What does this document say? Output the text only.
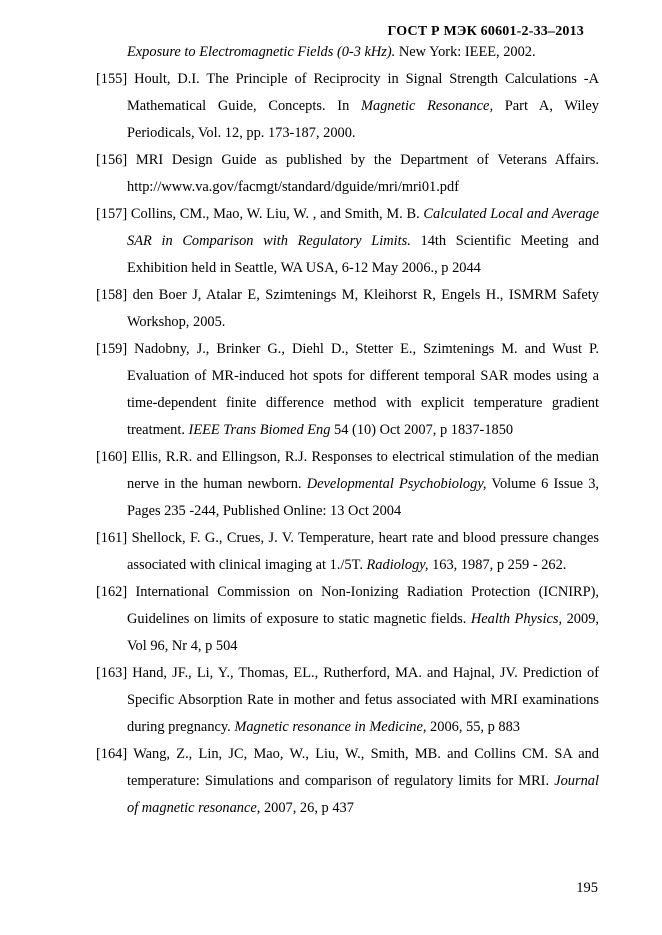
ГОСТ Р МЭК 60601-2-33–2013
Exposure to Electromagnetic Fields (0-3 kHz). New York: IEEE, 2002.
[155] Hoult, D.I. The Principle of Reciprocity in Signal Strength Calculations -A Mathematical Guide, Concepts. In Magnetic Resonance, Part A, Wiley Periodicals, Vol. 12, pp. 173-187, 2000.
[156] MRI Design Guide as published by the Department of Veterans Affairs. http://www.va.gov/facmgt/standard/dguide/mri/mri01.pdf
[157] Collins, CM., Mao, W. Liu, W. , and Smith, M. B. Calculated Local and Average SAR in Comparison with Regulatory Limits. 14th Scientific Meeting and Exhibition held in Seattle, WA USA, 6-12 May 2006., p 2044
[158] den Boer J, Atalar E, Szimtenings M, Kleihorst R, Engels H., ISMRM Safety Workshop, 2005.
[159] Nadobny, J., Brinker G., Diehl D., Stetter E., Szimtenings M. and Wust P. Evaluation of MR-induced hot spots for different temporal SAR modes using a time-dependent finite difference method with explicit temperature gradient treatment. IEEE Trans Biomed Eng 54 (10) Oct 2007, p 1837-1850
[160] Ellis, R.R. and Ellingson, R.J. Responses to electrical stimulation of the median nerve in the human newborn. Developmental Psychobiology, Volume 6 Issue 3, Pages 235 -244, Published Online: 13 Oct 2004
[161] Shellock, F. G., Crues, J. V. Temperature, heart rate and blood pressure changes associated with clinical imaging at 1./5T. Radiology, 163, 1987, p 259 - 262.
[162] International Commission on Non-Ionizing Radiation Protection (ICNIRP), Guidelines on limits of exposure to static magnetic fields. Health Physics, 2009, Vol 96, Nr 4, p 504
[163] Hand, JF., Li, Y., Thomas, EL., Rutherford, MA. and Hajnal, JV. Prediction of Specific Absorption Rate in mother and fetus associated with MRI examinations during pregnancy. Magnetic resonance in Medicine, 2006, 55, p 883
[164] Wang, Z., Lin, JC, Mao, W., Liu, W., Smith, MB. and Collins CM. SA and temperature: Simulations and comparison of regulatory limits for MRI. Journal of magnetic resonance, 2007, 26, p 437
195
